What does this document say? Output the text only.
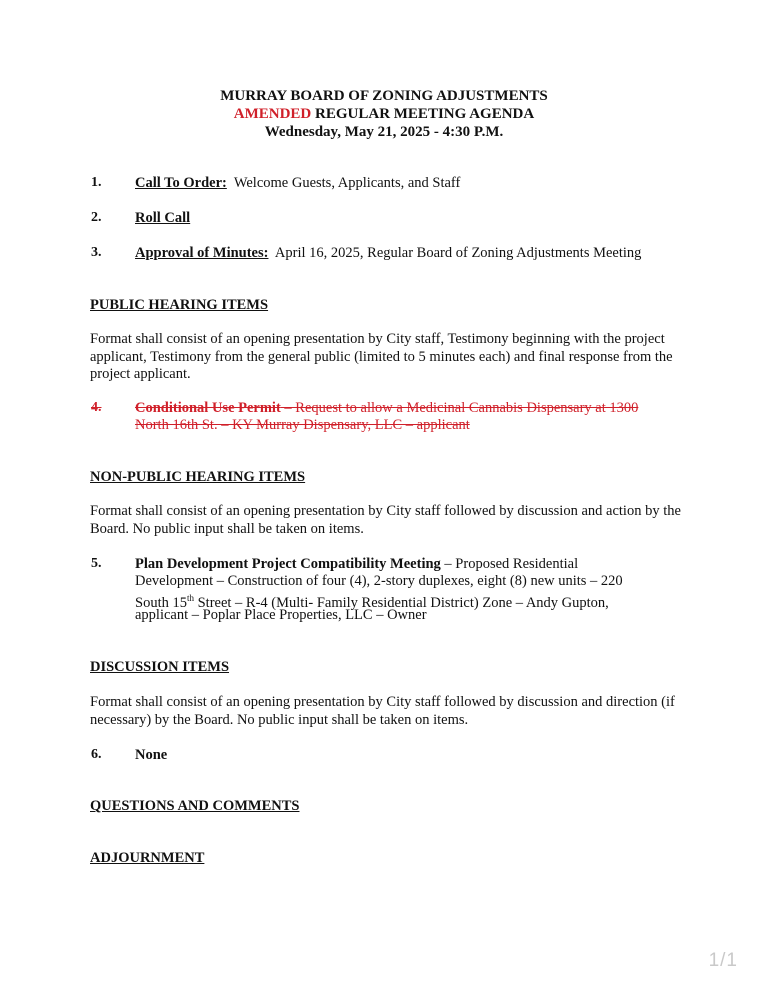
MURRAY BOARD OF ZONING ADJUSTMENTS
AMENDED REGULAR MEETING AGENDA
Wednesday, May 21, 2025 - 4:30 P.M.
1. Call To Order:  Welcome Guests, Applicants, and Staff
2. Roll Call
3. Approval of Minutes:  April 16, 2025, Regular Board of Zoning Adjustments Meeting
PUBLIC HEARING ITEMS
Format shall consist of an opening presentation by City staff, Testimony beginning with the project applicant, Testimony from the general public (limited to 5 minutes each) and final response from the project applicant.
4. Conditional Use Permit – Request to allow a Medicinal Cannabis Dispensary at 1300
North 16th St. – KY Murray Dispensary, LLC – applicant
NON-PUBLIC HEARING ITEMS
Format shall consist of an opening presentation by City staff followed by discussion and action by the Board. No public input shall be taken on items.
5. Plan Development Project Compatibility Meeting – Proposed Residential
Development – Construction of four (4), 2-story duplexes, eight (8) new units – 220
South 15th Street – R-4 (Multi- Family Residential District) Zone – Andy Gupton,
applicant – Poplar Place Properties, LLC – Owner
DISCUSSION ITEMS
Format shall consist of an opening presentation by City staff followed by discussion and direction (if necessary) by the Board. No public input shall be taken on items.
6. None
QUESTIONS AND COMMENTS
ADJOURNMENT
1/1
